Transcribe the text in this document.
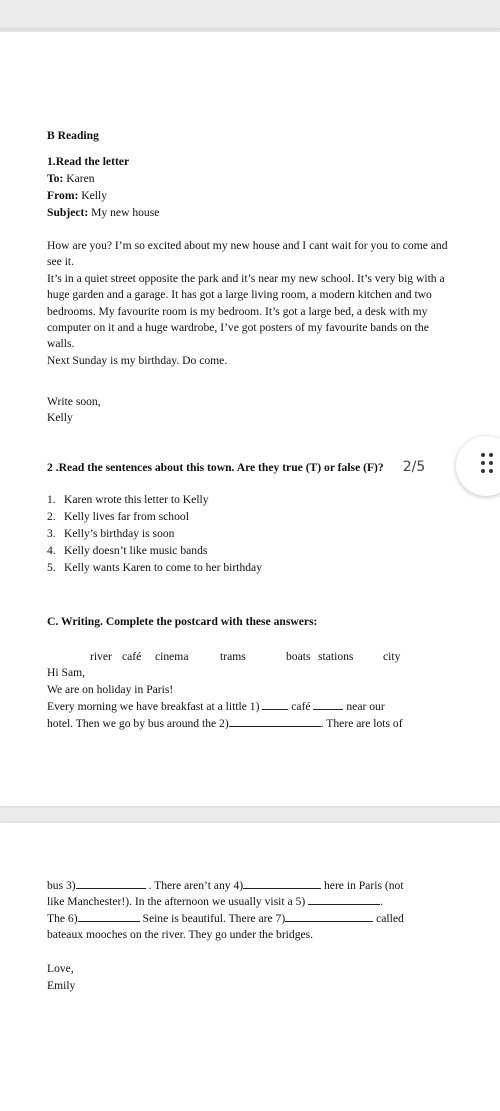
B Reading
1.Read the letter
To: Karen
From: Kelly
Subject: My new house

How are you? I’m so excited about my new house and I cant wait for you to come and see it.

It’s in a quiet street opposite the park and it’s near my new school. It’s very big with a huge garden and a garage. It has got a large living room, a modern kitchen and two bedrooms. My favourite room is my bedroom. It’s got a large bed, a desk with my computer on it and a huge wardrobe, I’ve got posters of my favourite bands on the walls.

Next Sunday is my birthday. Do come.

Write soon,
Kelly
2 .Read the sentences about this town. Are they true (T) or false (F)?
1. Karen wrote this letter to Kelly
2. Kelly lives far from school
3. Kelly’s birthday is soon
4. Kelly doesn’t like music bands
5. Kelly wants Karen to come to her birthday
C. Writing. Complete the postcard with these answers:
river café cinema	trams	boats stations	city
Hi Sam,
We are on holiday in Paris!
Every morning we have breakfast at a little 1)  café	near our
hotel. Then we go by bus around the 2)	. There are lots of
2/5
bus 3)	. There aren’t any 4)	here in Paris (not
like Manchester!). In the afternoon we usually visit a 5)	.
The 6)	Seine is beautiful. There are 7)	called
bateaux mooches on the river. They go under the bridges.
Love,
Emily
